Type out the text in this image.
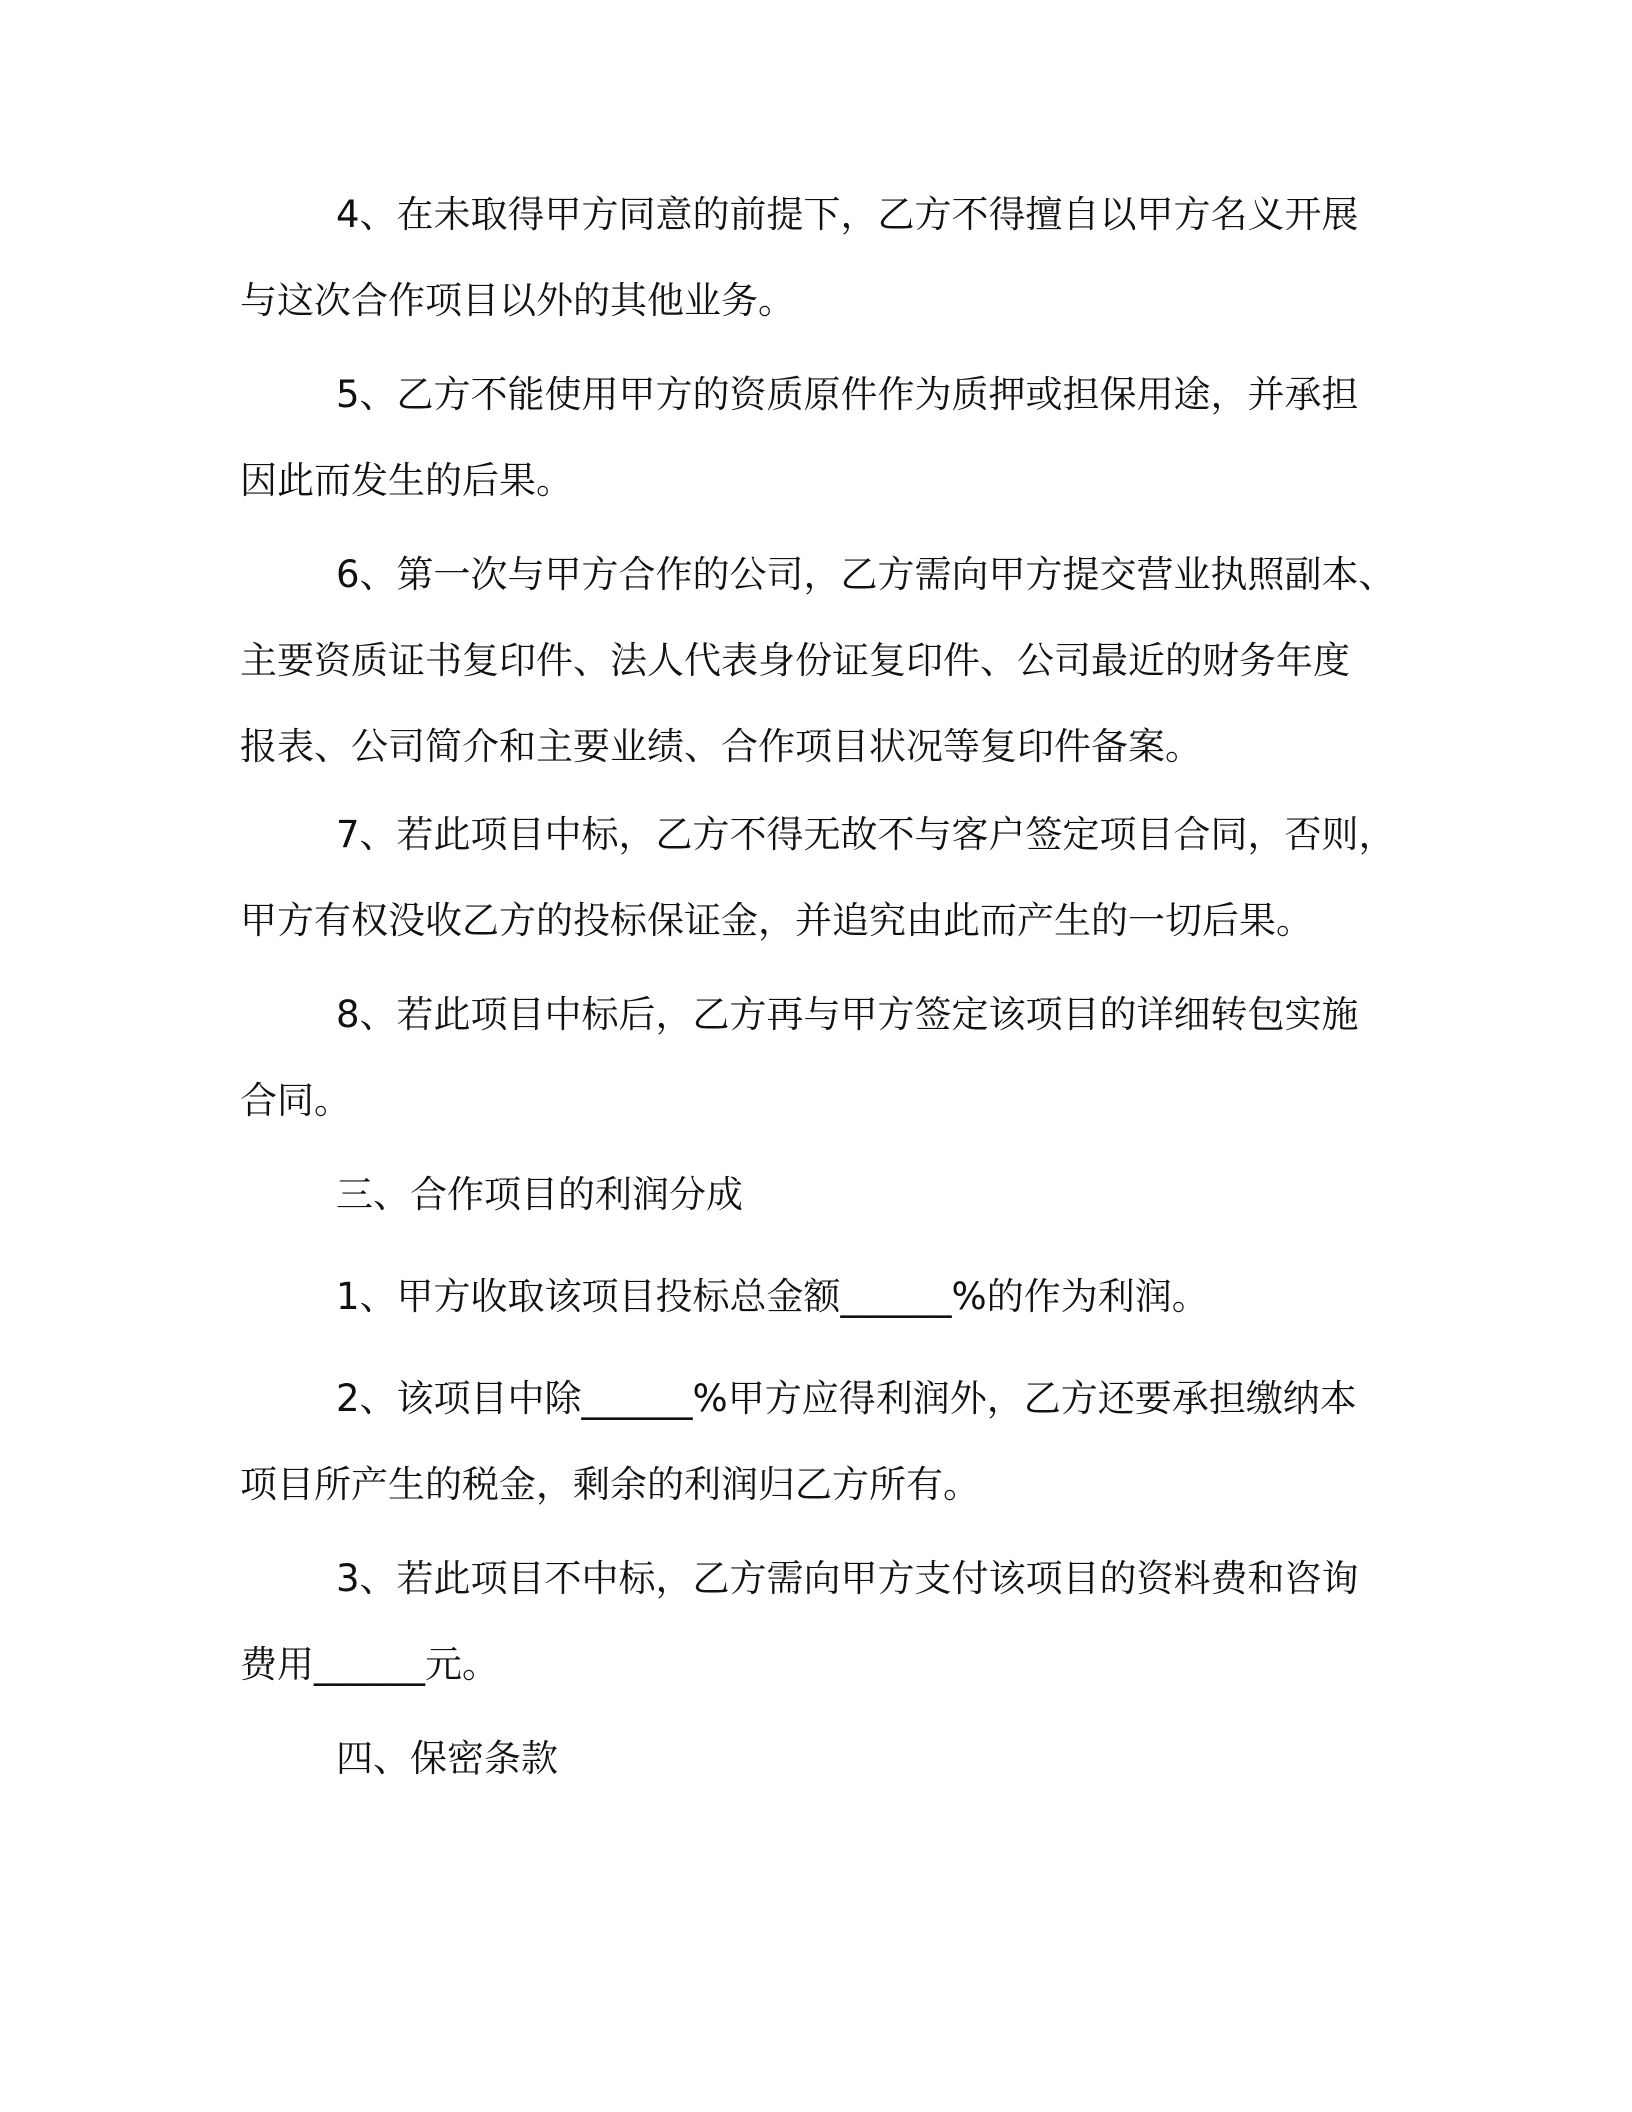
4、在未取得甲方同意的前提下，乙方不得擅自以甲方名义开展
与这次合作项目以外的其他业务。

5、乙方不能使用甲方的资质原件作为质押或担保用途，并承担
因此而发生的后果。

6、第一次与甲方合作的公司，乙方需向甲方提交营业执照副本、
主要资质证书复印件、法人代表身份证复印件、公司最近的财务年度
报表、公司简介和主要业绩、合作项目状况等复印件备案。

7、若此项目中标，乙方不得无故不与客户签定项目合同，否则，
甲方有权没收乙方的投标保证金，并追究由此而产生的一切后果。

8、若此项目中标后，乙方再与甲方签定该项目的详细转包实施
合同。

三、合作项目的利润分成

1、甲方收取该项目投标总金额______%的作为利润。

2、该项目中除______%甲方应得利润外，乙方还要承担缴纳本
项目所产生的税金，剩余的利润归乙方所有。

3、若此项目不中标，乙方需向甲方支付该项目的资料费和咨询
费用______元。

四、保密条款
